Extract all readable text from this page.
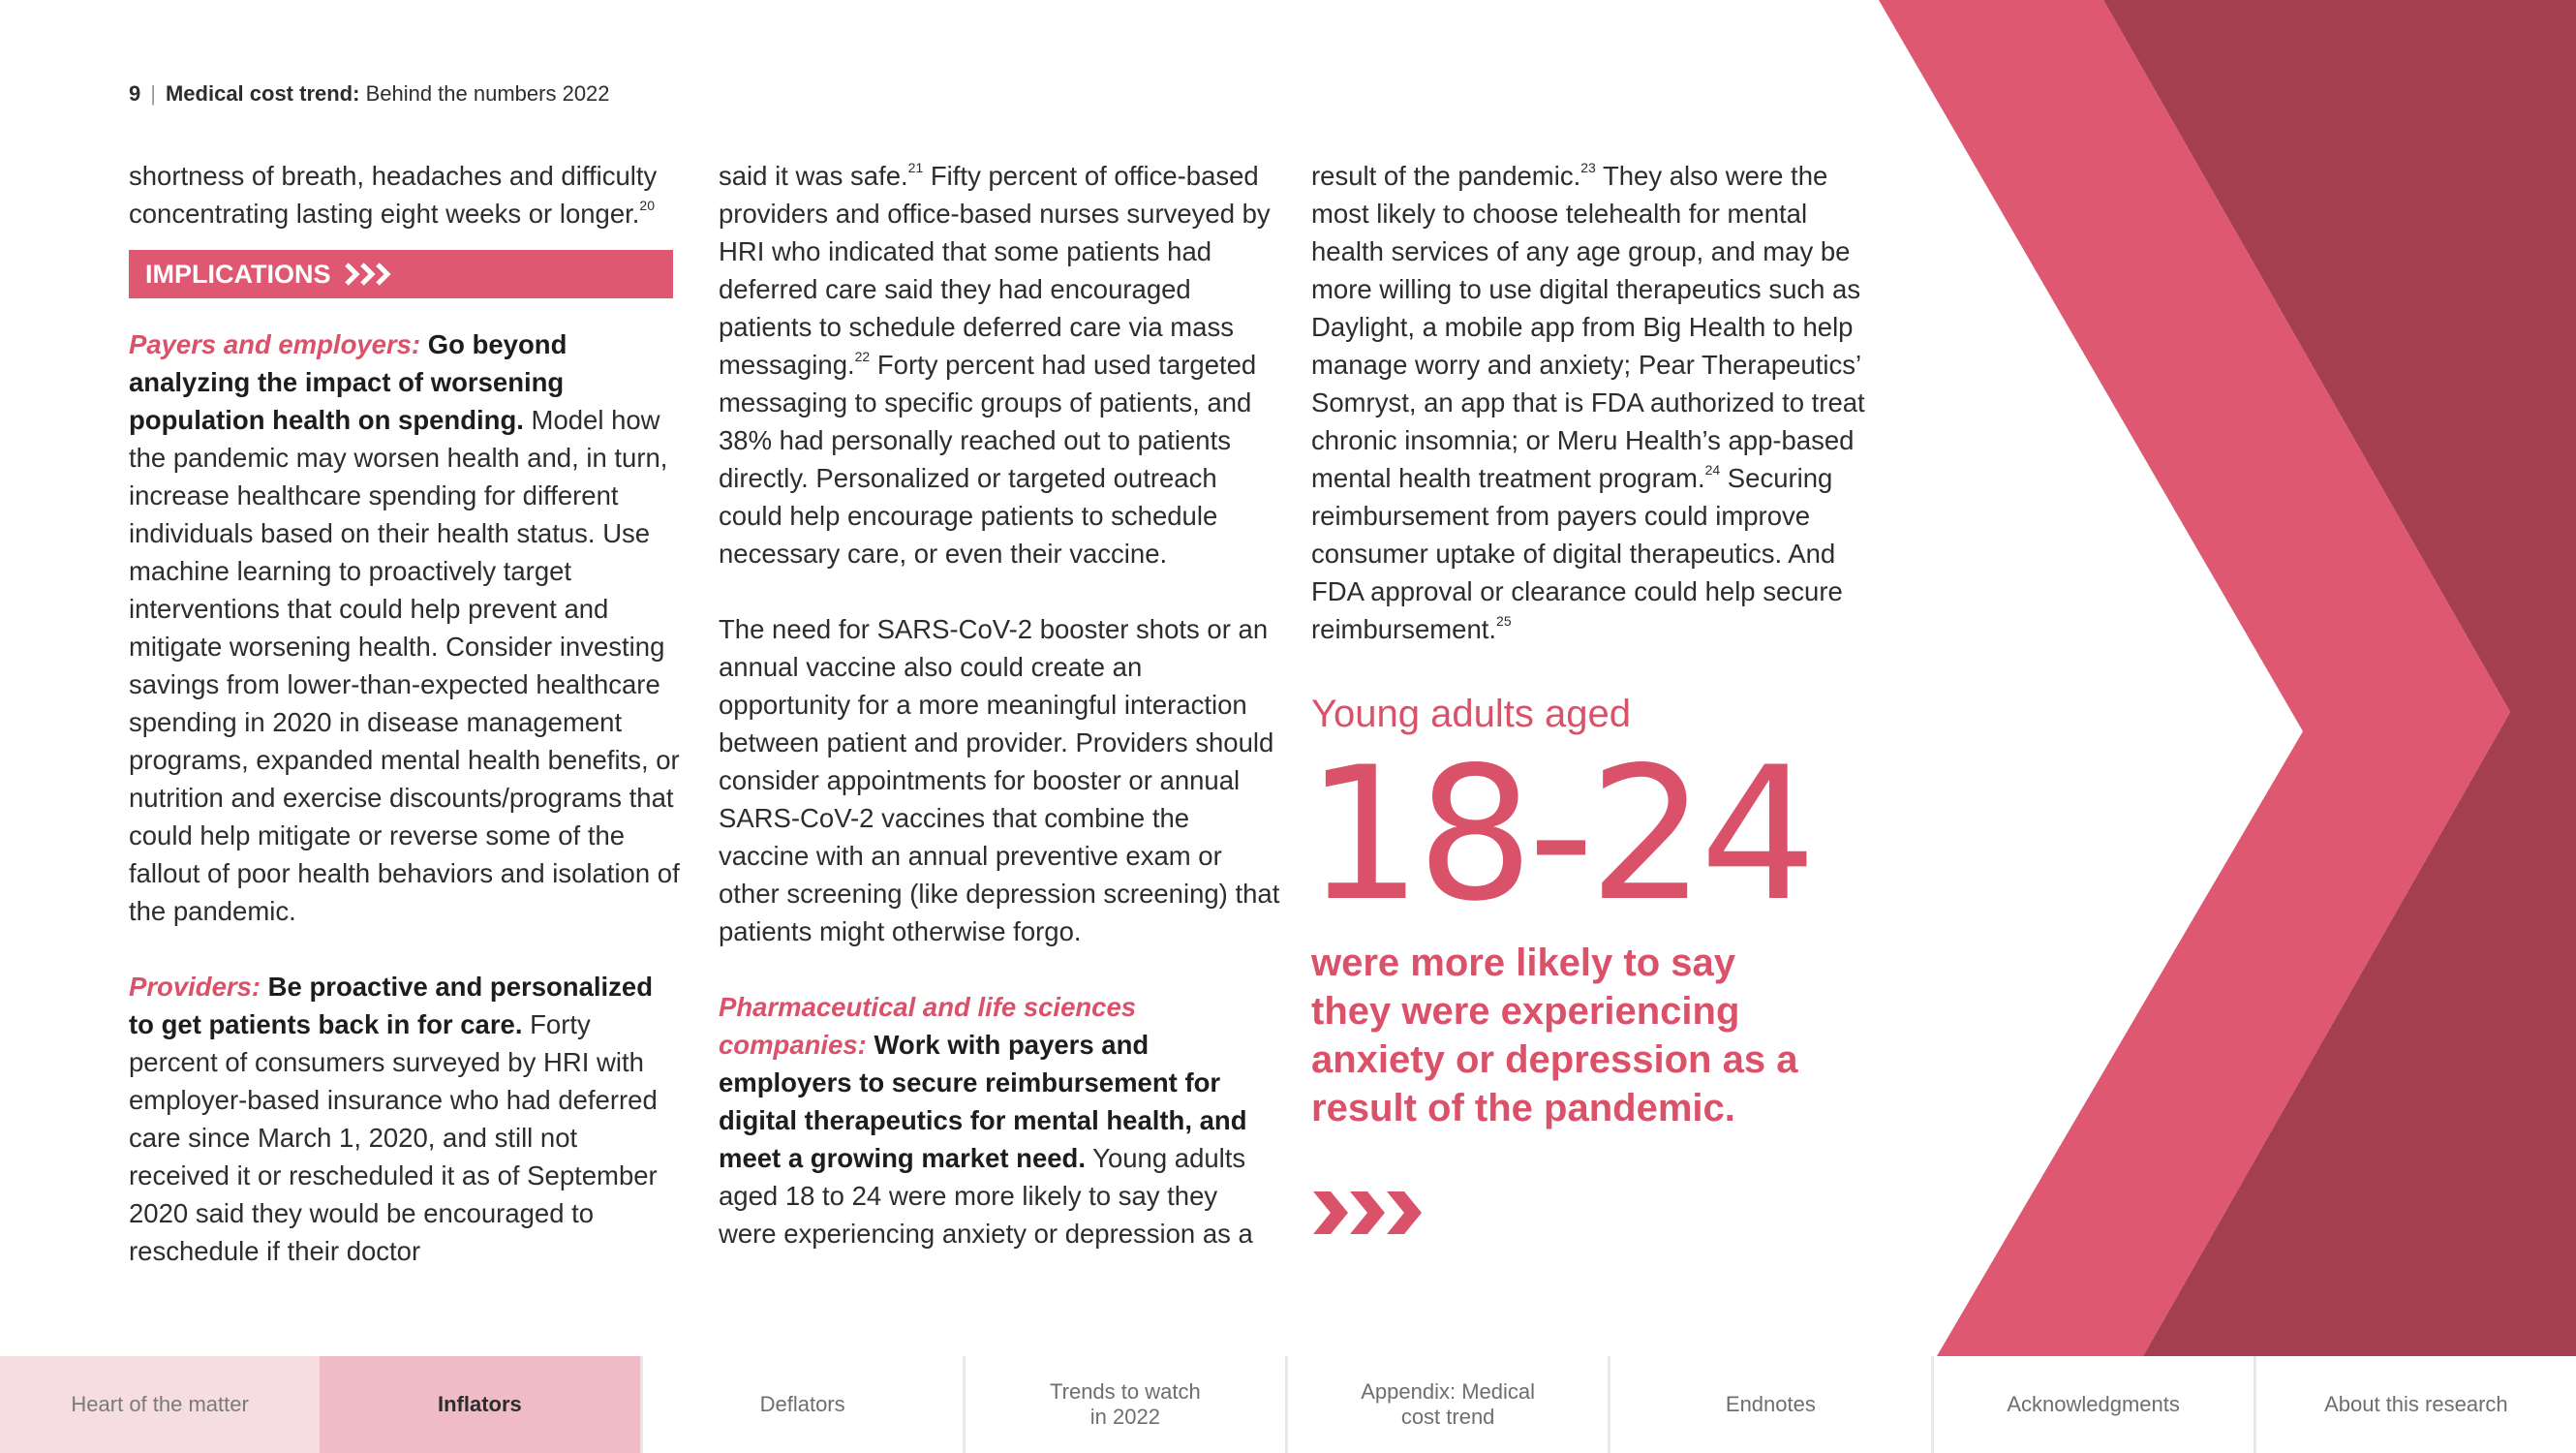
9 | Medical cost trend: Behind the numbers 2022

shortness of breath, headaches and difficulty concentrating lasting eight weeks or longer.$^{20}$

IMPLICATIONS

Payers and employers: Go beyond analyzing the impact of worsening population health on spending. Model how the pandemic may worsen health and, in turn, increase healthcare spending for different individuals based on their health status. Use machine learning to proactively target interventions that could help prevent and mitigate worsening health. Consider investing savings from lower-than-expected healthcare spending in 2020 in disease management programs, expanded mental health benefits, or nutrition and exercise discounts/programs that could help mitigate or reverse some of the fallout of poor health behaviors and isolation of the pandemic.

Providers: Be proactive and personalized to get patients back in for care. Forty percent of consumers surveyed by HRI with employer-based insurance who had deferred care since March 1, 2020, and still not received it or rescheduled it as of September 2020 said they would be encouraged to reschedule if their doctor

said it was safe.$^{21}$ Fifty percent of office-based providers and office-based nurses surveyed by HRI who indicated that some patients had deferred care said they had encouraged patients to schedule deferred care via mass messaging.$^{22}$ Forty percent had used targeted messaging to specific groups of patients, and 38% had personally reached out to patients directly. Personalized or targeted outreach could help encourage patients to schedule necessary care, or even their vaccine.

The need for SARS-CoV-2 booster shots or an annual vaccine also could create an opportunity for a more meaningful interaction between patient and provider. Providers should consider appointments for booster or annual SARS-CoV-2 vaccines that combine the vaccine with an annual preventive exam or other screening (like depression screening) that patients might otherwise forgo.

Pharmaceutical and life sciences companies: Work with payers and employers to secure reimbursement for digital therapeutics for mental health, and meet a growing market need. Young adults aged 18 to 24 were more likely to say they were experiencing anxiety or depression as a

result of the pandemic.$^{23}$ They also were the most likely to choose telehealth for mental health services of any age group, and may be more willing to use digital therapeutics such as Daylight, a mobile app from Big Health to help manage worry and anxiety; Pear Therapeutics’ Somryst, an app that is FDA authorized to treat chronic insomnia; or Meru Health’s app-based mental health treatment program.$^{24}$ Securing reimbursement from payers could improve consumer uptake of digital therapeutics. And FDA approval or clearance could help secure reimbursement.$^{25}$

Young adults aged
18-24
were more likely to say they were experiencing anxiety or depression as a result of the pandemic.
Heart of the matter	Inflators	Deflators
Trends to watch
in 2022
Appendix: Medical
cost trend
Endnotes	Acknowledgments	About this research
